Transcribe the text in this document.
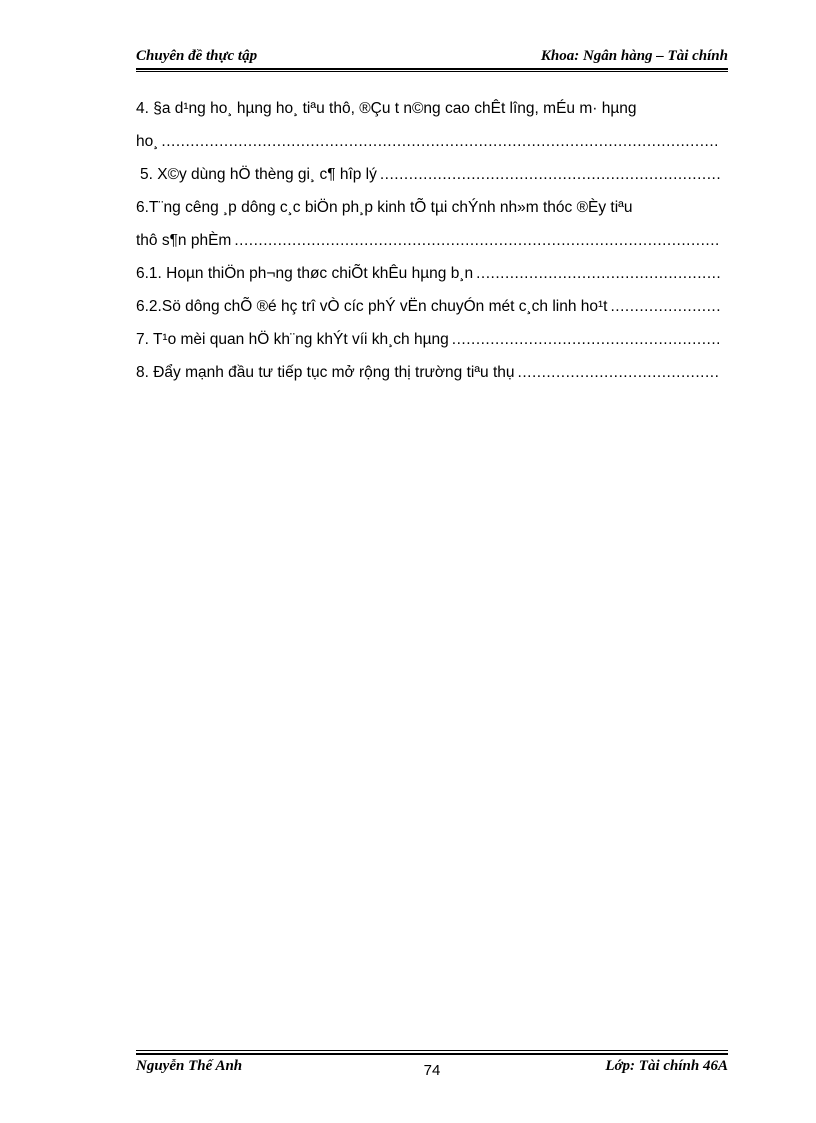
Chuyên đề thực tập	Khoa: Ngân hàng – Tài chính
4. §a d¹ng ho¸ hµng ho¸ tiªu thô, ®Çu t n©ng cao chÊt lîng, mÉu m· hµng
ho¸
.....
5. X©y dùng hÖ thèng gi¸ c¶ hîp lý
.....
6.T¨ng cêng ¸p dông c¸c biÖn ph¸p kinh tÕ tµi chÝnh nh»m thóc ®Èy tiªu
thô s¶n phÈm
.....
6.1. Hoµn thiÖn ph¬ng thøc chiÕt khÊu hµng b¸n
.....
6.2.Sö dông chÕ ®é hç trî vÒ cíc phÝ vËn chuyÓn mét c¸ch linh ho¹t
.....
7. T¹o mèi quan hÖ kh¨ng khÝt víi kh¸ch hµng
.....
8. Đẩy mạnh đầu tư tiếp tục mở rộng thị trường tiªu thụ
.....
Nguyễn Thế Anh	74	Lớp: Tài chính 46A
